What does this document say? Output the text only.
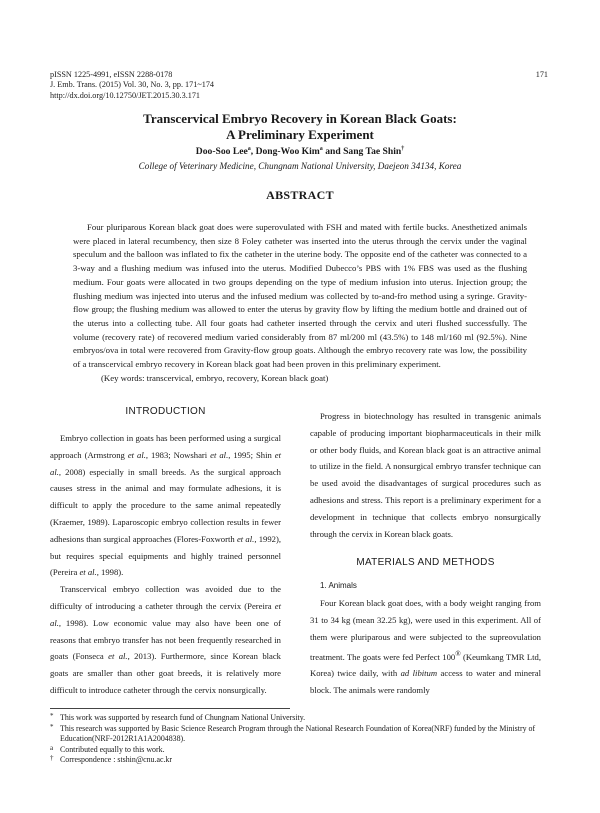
pISSN 1225-4991, eISSN 2288-0178
J. Emb. Trans. (2015) Vol. 30, No. 3, pp. 171~174
http://dx.doi.org/10.12750/JET.2015.30.3.171
171
Transcervical Embryo Recovery in Korean Black Goats:
A Preliminary Experiment
Doo-Soo Lee$^a$, Dong-Woo Kim$^a$ and Sang Tae Shin†
College of Veterinary Medicine, Chungnam National University, Daejeon 34134, Korea
ABSTRACT

Four pluriparous Korean black goat does were superovulated with FSH and mated with fertile bucks. Anesthetized animals were placed in lateral recumbency, then size 8 Foley catheter was inserted into the uterus through the cervix under the vaginal speculum and the balloon was inflated to fix the catheter in the uterine body. The opposite end of the catheter was connected to a 3-way and a flushing medium was infused into the uterus. Modified Dubecco’s PBS with 1% FBS was used as the flushing medium. Four goats were allocated in two groups depending on the type of medium infusion into uterus. Injection group; the flushing medium was injected into uterus and the infused medium was collected by to-and-fro method using a syringe. Gravity-flow group; the flushing medium was allowed to enter the uterus by gravity flow by lifting the medium bottle and drained out of the uterus into a collecting tube. All four goats had catheter inserted through the cervix and uteri flushed successfully. The volume (recovery rate) of recovered medium varied considerably from 87 ml/200 ml (43.5%) to 148 ml/160 ml (92.5%). Nine embryos/ova in total were recovered from Gravity-flow group goats. Although the embryo recovery rate was low, the possibility of a transcervical embryo recovery in Korean black goat had been proven in this preliminary experiment.

(Key words: transcervical, embryo, recovery, Korean black goat)

INTRODUCTION

Embryo collection in goats has been performed using a surgical approach (Armstrong et al., 1983; Nowshari et al., 1995; Shin et al., 2008) especially in small breeds. As the surgical approach causes stress in the animal and may formulate adhesions, it is difficult to apply the procedure to the same animal repeatedly (Kraemer, 1989). Laparoscopic embryo collection results in fewer adhesions than surgical approaches (Flores-Foxworth et al., 1992), but requires special equipments and highly trained personnel (Pereira et al., 1998).

Transcervical embryo collection was avoided due to the difficulty of introducing a catheter through the cervix (Pereira et al., 1998). Low economic value may also have been one of reasons that embryo transfer has not been frequently researched in goats (Fonseca et al., 2013). Furthermore, since Korean black goats are smaller than other goat breeds, it is relatively more difficult to introduce catheter through the cervix nonsurgically.

Progress in biotechnology has resulted in transgenic animals capable of producing important biopharmaceuticals in their milk or other body fluids, and Korean black goat is an attractive animal to utilize in the field. A nonsurgical embryo transfer technique can be used avoid the disadvantages of surgical procedures such as adhesions and stress. This report is a preliminary experiment for a development in technique that collects embryo nonsurgically through the cervix in Korean black goats.

MATERIALS AND METHODS
1. Animals

Four Korean black goat does, with a body weight ranging from 31 to 34 kg (mean 32.25 kg), were used in this experiment. All of them were pluriparous and were subjected to the supreovulation treatment. The goats were fed Perfect 100® (Keumkang TMR Ltd, Korea) twice daily, with ad libitum access to water and mineral block. The animals were randomly

* This work was supported by research fund of Chungnam National University.
* This research was supported by Basic Science Research Program through the National Research Foundation of Korea(NRF) funded by the Ministry of Education(NRF-2012R1A1A2004838).
a Contributed equally to this work.
† Correspondence : stshin@cnu.ac.kr
